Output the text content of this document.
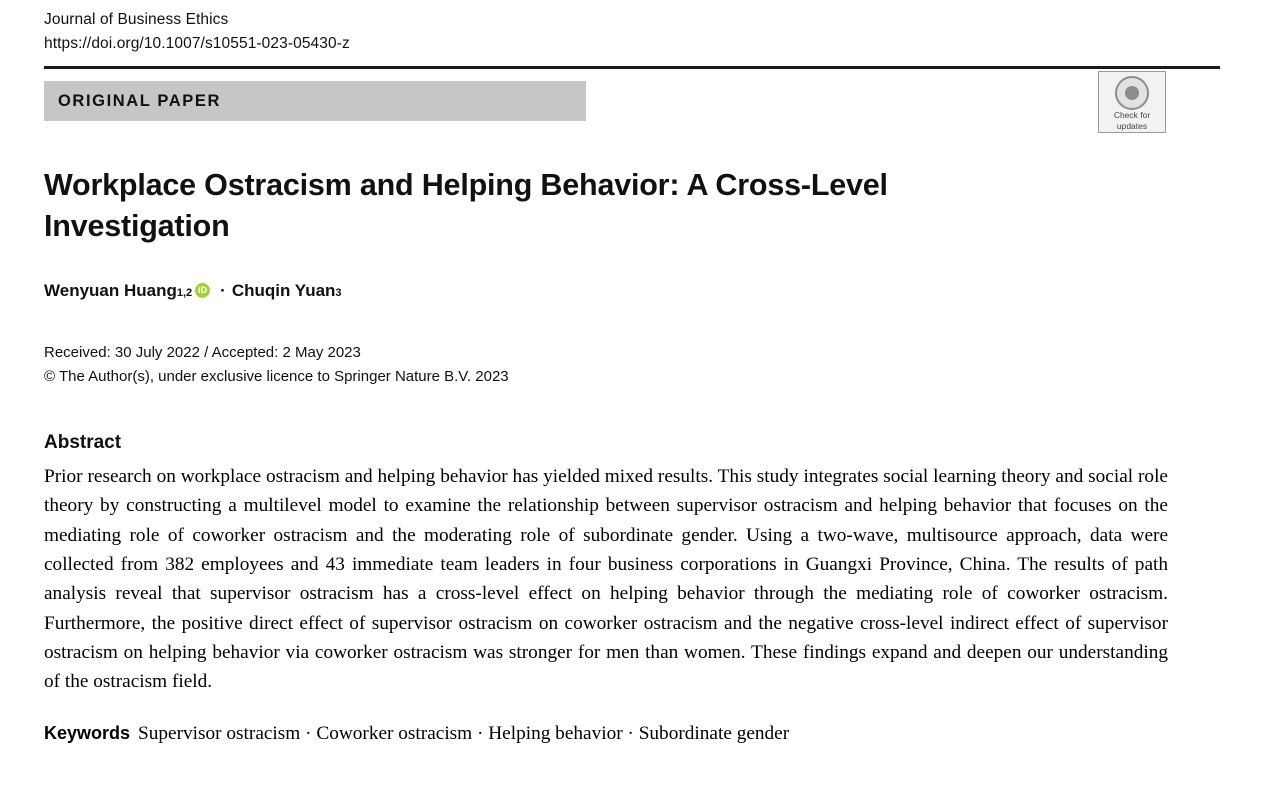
Journal of Business Ethics
https://doi.org/10.1007/s10551-023-05430-z
ORIGINAL PAPER
Check for
updates
Workplace Ostracism and Helping Behavior: A Cross-Level Investigation
Wenyuan Huang 1,2 iD · Chuqin Yuan 3
Received: 30 July 2022 / Accepted: 2 May 2023
© The Author(s), under exclusive licence to Springer Nature B.V. 2023
Abstract
Prior research on workplace ostracism and helping behavior has yielded mixed results. This study integrates social learning theory and social role theory by constructing a multilevel model to examine the relationship between supervisor ostracism and helping behavior that focuses on the mediating role of coworker ostracism and the moderating role of subordinate gender. Using a two-wave, multisource approach, data were collected from 382 employees and 43 immediate team leaders in four business corporations in Guangxi Province, China. The results of path analysis reveal that supervisor ostracism has a cross-level effect on helping behavior through the mediating role of coworker ostracism. Furthermore, the positive direct effect of supervisor ostracism on coworker ostracism and the negative cross-level indirect effect of supervisor ostracism on helping behavior via coworker ostracism was stronger for men than women. These findings expand and deepen our understanding of the ostracism field.
Keywords Supervisor ostracism · Coworker ostracism · Helping behavior · Subordinate gender
